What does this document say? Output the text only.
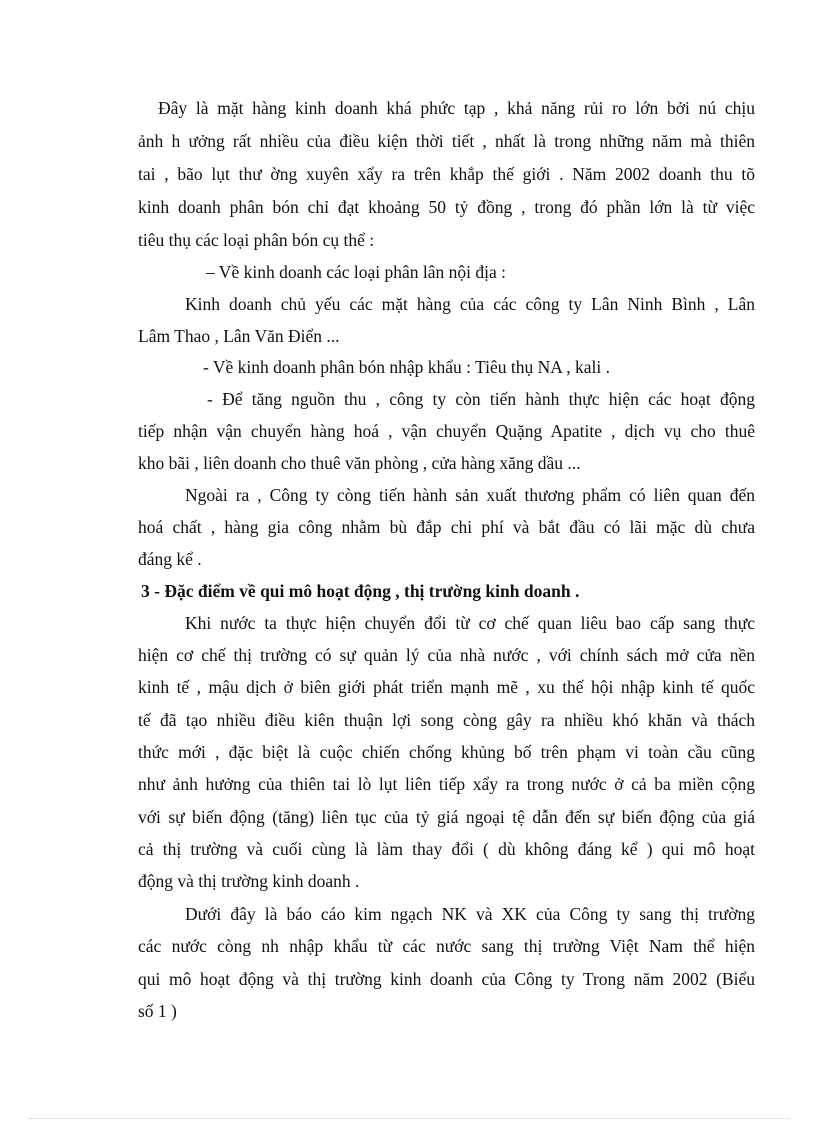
Đây là mặt hàng kinh doanh khá phức tạp , khả năng rủi ro lớn bởi nú chịu
ảnh h ưởng rất nhiều của điều kiện thời tiết , nhất là trong những năm mà thiên
tai , bão lụt thư ờng xuyên xẩy ra trên khắp thế giới . Năm 2002 doanh thu tõ
kinh doanh phân bón chỉ đạt khoảng 50 tỷ đồng , trong đó phần lớn là từ việc
tiêu thụ các loại phân bón cụ thể :
– Về kinh doanh các loại phân lân nội địa :
Kinh doanh chủ yếu các mặt hàng của các công ty Lân Ninh Bình , Lân
Lâm Thao , Lân Văn Điển ...
- Về kinh doanh phân bón nhập khẩu : Tiêu thụ NA , kali .
- Để tăng nguồn thu , công ty còn tiến hành thực hiện các hoạt động
tiếp nhận vận chuyển hàng hoá , vận chuyển Quặng Apatite , dịch vụ cho thuê
kho bãi , liên doanh cho thuê văn phòng , cửa hàng xăng dầu ...
Ngoài ra , Công ty còng tiến hành sản xuất thương phẩm có liên quan đến
hoá chất , hàng gia công nhằm bù đắp chi phí và bắt đầu có lãi mặc dù chưa
đáng kể .
3 - Đặc điểm về qui mô hoạt động , thị trường kinh doanh .
Khi nước ta thực hiện chuyển đổi từ cơ chế quan liêu bao cấp sang thực
hiện cơ chế thị trường có sự quản lý của nhà nước , với chính sách mở cửa nền
kinh tế , mậu dịch ở biên giới phát triển mạnh mẽ , xu thế hội nhập kinh tế quốc
tế đã tạo nhiều điều kiên thuận lợi song còng gây ra nhiều khó khăn và thách
thức mới , đặc biệt là cuộc chiến chống khủng bố trên phạm vi toàn cầu cũng
như ảnh hưởng của thiên tai lò lụt liên tiếp xẩy ra trong nước ở cả ba miền cộng
với sự biến động (tăng) liên tục của tỷ giá ngoại tệ dẫn đến sự biến động của giá
cả thị trường và cuối cùng là làm thay đổi ( dù không đáng kể ) qui mô hoạt
động và thị trường kinh doanh .
Dưới đây là báo cáo kim ngạch NK và XK của Công ty sang thị trường
các nước còng nh nhập khẩu từ các nước sang thị trường Việt Nam thể hiện
qui mô hoạt động và thị trường kinh doanh của Công ty Trong năm 2002 (Biểu
số 1 )
